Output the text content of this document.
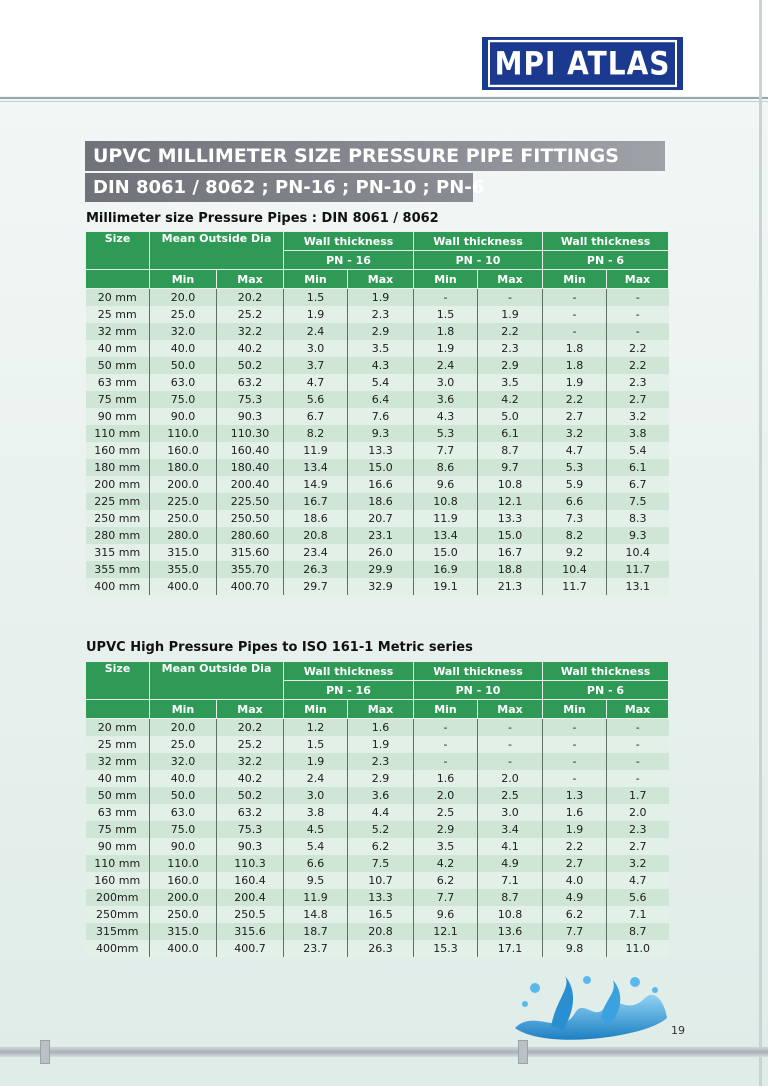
MPI ATLAS
UPVC MILLIMETER SIZE PRESSURE PIPE FITTINGS
DIN 8061 / 8062 ; PN-16 ; PN-10 ; PN-6
Millimeter size Pressure Pipes : DIN 8061 / 8062
Size	Mean Outside Dia		Wall thickness		Wall thickness		Wall thickness	
			PN - 16		PN - 10		PN - 6	
	Min	Max	Min	Max	Min	Max	Min	Max
20 mm	20.0	20.2	1.5	1.9	-	-	-	-
25 mm	25.0	25.2	1.9	2.3	1.5	1.9	-	-
32 mm	32.0	32.2	2.4	2.9	1.8	2.2	-	-
40 mm	40.0	40.2	3.0	3.5	1.9	2.3	1.8	2.2
50 mm	50.0	50.2	3.7	4.3	2.4	2.9	1.8	2.2
63 mm	63.0	63.2	4.7	5.4	3.0	3.5	1.9	2.3
75 mm	75.0	75.3	5.6	6.4	3.6	4.2	2.2	2.7
90 mm	90.0	90.3	6.7	7.6	4.3	5.0	2.7	3.2
110 mm	110.0	110.30	8.2	9.3	5.3	6.1	3.2	3.8
160 mm	160.0	160.40	11.9	13.3	7.7	8.7	4.7	5.4
180 mm	180.0	180.40	13.4	15.0	8.6	9.7	5.3	6.1
200 mm	200.0	200.40	14.9	16.6	9.6	10.8	5.9	6.7
225 mm	225.0	225.50	16.7	18.6	10.8	12.1	6.6	7.5
250 mm	250.0	250.50	18.6	20.7	11.9	13.3	7.3	8.3
280 mm	280.0	280.60	20.8	23.1	13.4	15.0	8.2	9.3
315 mm	315.0	315.60	23.4	26.0	15.0	16.7	9.2	10.4
355 mm	355.0	355.70	26.3	29.9	16.9	18.8	10.4	11.7
400 mm	400.0	400.70	29.7	32.9	19.1	21.3	11.7	13.1
UPVC High Pressure Pipes to ISO 161-1 Metric series
Size	Mean Outside Dia		Wall thickness		Wall thickness		Wall thickness	
			PN - 16		PN - 10		PN - 6	
	Min	Max	Min	Max	Min	Max	Min	Max
20 mm	20.0	20.2	1.2	1.6	-	-	-	-
25 mm	25.0	25.2	1.5	1.9	-	-	-	-
32 mm	32.0	32.2	1.9	2.3	-	-	-	-
40 mm	40.0	40.2	2.4	2.9	1.6	2.0	-	-
50 mm	50.0	50.2	3.0	3.6	2.0	2.5	1.3	1.7
63 mm	63.0	63.2	3.8	4.4	2.5	3.0	1.6	2.0
75 mm	75.0	75.3	4.5	5.2	2.9	3.4	1.9	2.3
90 mm	90.0	90.3	5.4	6.2	3.5	4.1	2.2	2.7
110 mm	110.0	110.3	6.6	7.5	4.2	4.9	2.7	3.2
160 mm	160.0	160.4	9.5	10.7	6.2	7.1	4.0	4.7
200mm	200.0	200.4	11.9	13.3	7.7	8.7	4.9	5.6
250mm	250.0	250.5	14.8	16.5	9.6	10.8	6.2	7.1
315mm	315.0	315.6	18.7	20.8	12.1	13.6	7.7	8.7
400mm	400.0	400.7	23.7	26.3	15.3	17.1	9.8	11.0
19
